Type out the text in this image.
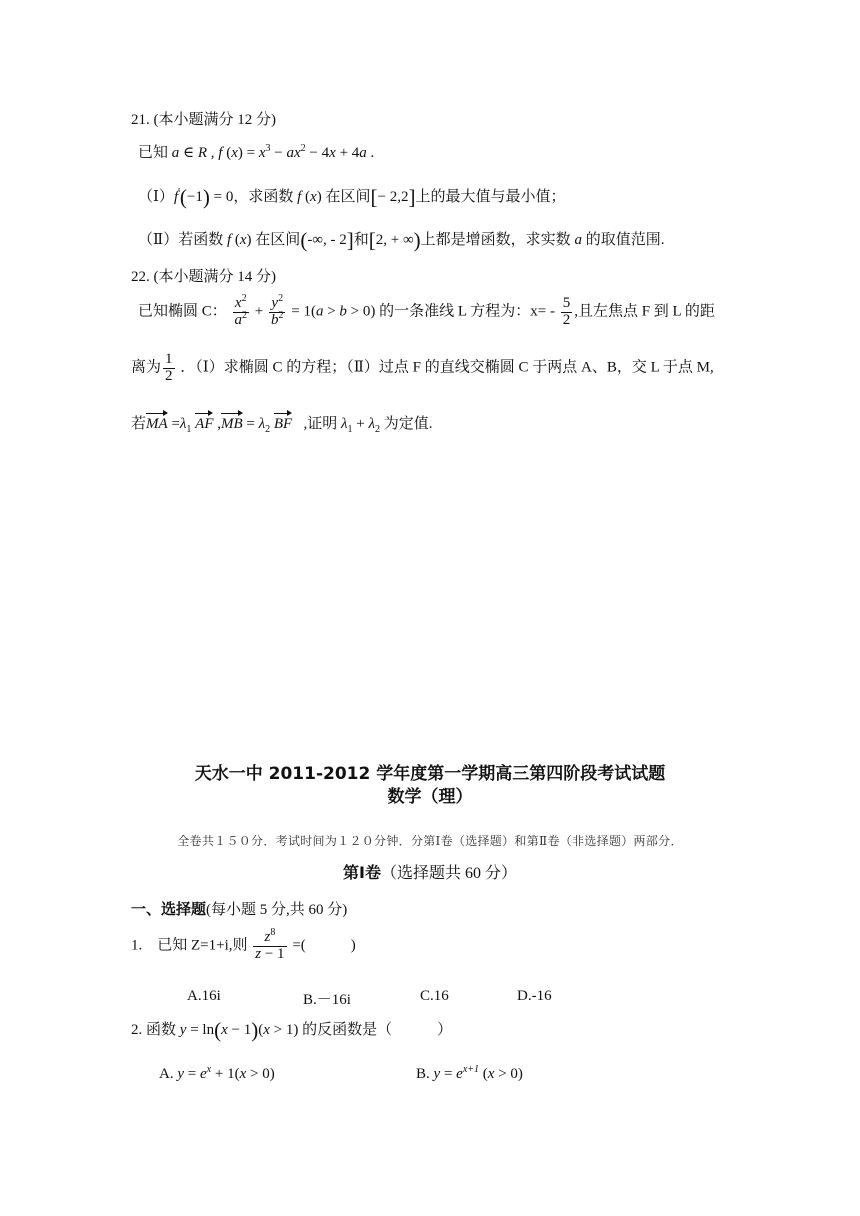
21. (本小题满分 12 分)
已知 a ∈ R , f $(x) = x^3 - ax^2 - 4x + 4a$ .
（Ⅰ）f'(−1) = 0，求函数 f (x) 在区间[− 2,2]上的最大值与最小值；
（Ⅱ）若函数 f (x) 在区间(-∞, - 2]和[2, + ∞)上都是增函数，求实数 a 的取值范围.
22. (本小题满分 14 分)
已知椭圆 C： $\frac{x^2}{a^2} + \frac{y^2}{b^2} = 1(a > b > 0)$ 的一条准线 L 方程为：$x= - \frac{5}{2}$ ,且左焦点 F 到 L 的距
离为 $\frac{1}{2}$ ．（Ⅰ）求椭圆 C 的方程；（Ⅱ）过点 F 的直线交椭圆 C 于两点 A、B，交 L 于点 M,
若MA $=\lambda_1$ AF $,MB = \lambda_2$ BF ,证明 $\lambda_1 + \lambda_2$ 为定值.
天水一中 2011-2012 学年度第一学期高三第四阶段考试试题
数学（理）
全卷共１５０分．考试时间为１２０分钟．分第Ⅰ卷（选择题）和第Ⅱ卷（非选择题）两部分．
第Ⅰ卷（选择题共 60 分）
一、选择题(每小题 5 分,共 60 分)
1. 已知 Z=1+i,则 $\frac{z^8}{z - 1}$ =(　　　)
A.16i	B.－16i	C.16	D.-16
2. 函数 y = ln(x − 1)(x > 1) 的反函数是（　　　）
A. $y = e^x + 1(x > 0)$	B. $y = e^{x+1}$ (x > 0)
